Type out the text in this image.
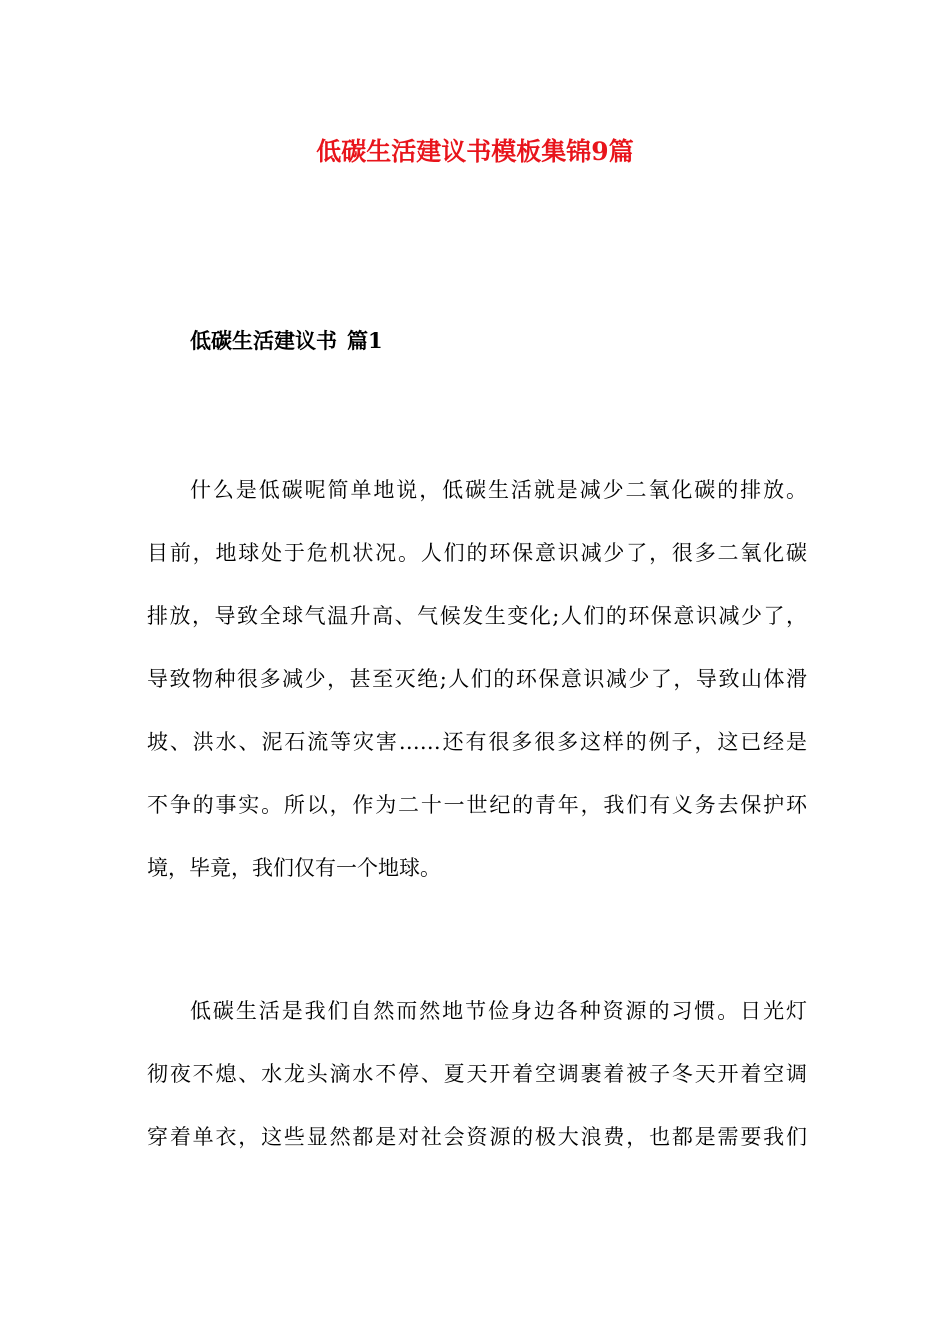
低碳生活建议书模板集锦9篇
低碳生活建议书 篇1

什么是低碳呢简单地说，低碳生活就是减少二氧化碳的排放。
目前，地球处于危机状况。人们的环保意识减少了，很多二氧化碳
排放，导致全球气温升高、气候发生变化;人们的环保意识减少了，
导致物种很多减少，甚至灭绝;人们的环保意识减少了，导致山体滑
坡、洪水、泥石流等灾害……还有很多很多这样的例子，这已经是
不争的事实。所以，作为二十一世纪的青年，我们有义务去保护环
境，毕竟，我们仅有一个地球。

低碳生活是我们自然而然地节俭身边各种资源的习惯。日光灯
彻夜不熄、水龙头滴水不停、夏天开着空调裹着被子冬天开着空调
穿着单衣，这些显然都是对社会资源的极大浪费，也都是需要我们
